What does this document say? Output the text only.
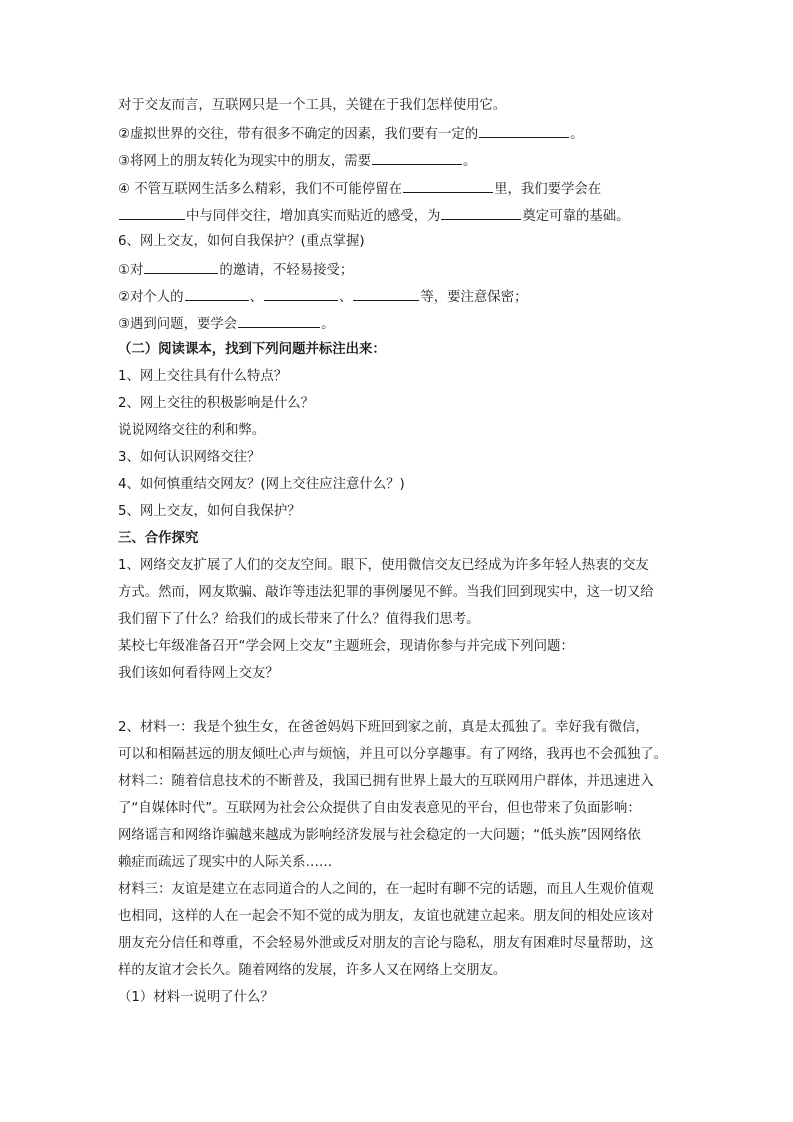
对于交友而言，互联网只是一个工具，关键在于我们怎样使用它。
②虚拟世界的交往，带有很多不确定的因素，我们要有一定的	。
③将网上的朋友转化为现实中的朋友，需要	。
④ 不管互联网生活多么精彩，我们不可能停留在	里，我们要学会在
中与同伴交往，增加真实而贴近的感受，为	奠定可靠的基础。
6、网上交友，如何自我保护？(重点掌握)
①对	的邀请，不轻易接受；
②对个人的	、	、	等，要注意保密；
③遇到问题，要学会	。
（二）阅读课本，找到下列问题并标注出来：
1、网上交往具有什么特点？
2、网上交往的积极影响是什么？
说说网络交往的利和弊。
3、如何认识网络交往？
4、如何慎重结交网友？(网上交往应注意什么？)
5、网上交友，如何自我保护？
三、合作探究
1、网络交友扩展了人们的交友空间。眼下，使用微信交友已经成为许多年轻人热衷的交友
方式。然而，网友欺骗、敲诈等违法犯罪的事例屡见不鲜。当我们回到现实中，这一切又给
我们留下了什么？给我们的成长带来了什么？值得我们思考。
某校七年级准备召开“学会网上交友”主题班会，现请你参与并完成下列问题：
我们该如何看待网上交友？
2、材料一：我是个独生女，在爸爸妈妈下班回到家之前，真是太孤独了。幸好我有微信，
可以和相隔甚远的朋友倾吐心声与烦恼，并且可以分享趣事。有了网络，我再也不会孤独了。
材料二：随着信息技术的不断普及，我国已拥有世界上最大的互联网用户群体，并迅速进入
了“自媒体时代”。互联网为社会公众提供了自由发表意见的平台，但也带来了负面影响：
网络谣言和网络诈骗越来越成为影响经济发展与社会稳定的一大问题；“低头族”因网络依
赖症而疏远了现实中的人际关系……
材料三：友谊是建立在志同道合的人之间的，在一起时有聊不完的话题，而且人生观价值观
也相同，这样的人在一起会不知不觉的成为朋友，友谊也就建立起来。朋友间的相处应该对
朋友充分信任和尊重，不会轻易外泄或反对朋友的言论与隐私，朋友有困难时尽量帮助，这
样的友谊才会长久。随着网络的发展，许多人又在网络上交朋友。
（1）材料一说明了什么？
